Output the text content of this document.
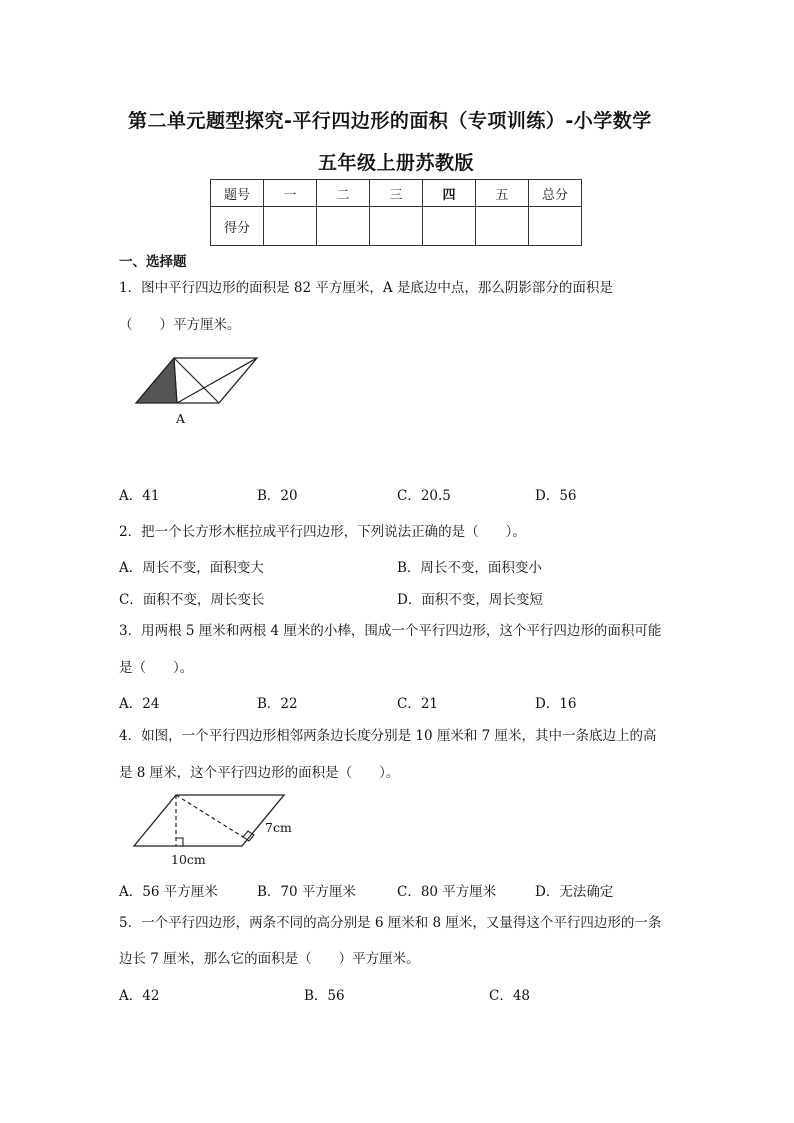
第二单元题型探究-平行四边形的面积（专项训练）-小学数学
五年级上册苏教版
题号	一	二	三	四	五	总分
得分						
一、选择题
1．图中平行四边形的面积是 82 平方厘米，A 是底边中点，那么阴影部分的面积是
（　　）平方厘米。
A
A．41	B．20	C．20.5	D．56
2．把一个长方形木框拉成平行四边形，下列说法正确的是（　　）。
A．周长不变，面积变大	B．周长不变，面积变小
C．面积不变，周长变长	D．面积不变，周长变短
3．用两根 5 厘米和两根 4 厘米的小棒，围成一个平行四边形，这个平行四边形的面积可能
是（　　）。
A．24	B．22	C．21	D．16
4．如图，一个平行四边形相邻两条边长度分别是 10 厘米和 7 厘米，其中一条底边上的高
是 8 厘米，这个平行四边形的面积是（　　）。
7cm
10cm
A．56 平方厘米	B．70 平方厘米	C．80 平方厘米	D．无法确定
5．一个平行四边形，两条不同的高分别是 6 厘米和 8 厘米，又量得这个平行四边形的一条
边长 7 厘米，那么它的面积是（　　）平方厘米。
A．42	B．56	C．48
